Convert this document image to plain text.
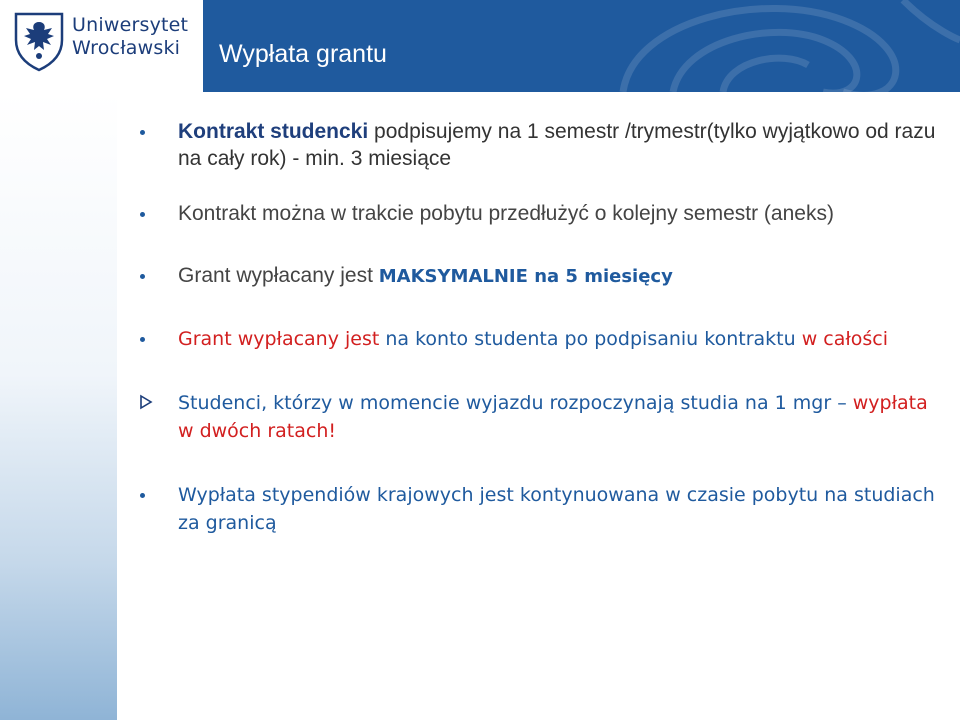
Uniwersytet
Wrocławski	Wypłata grantu
Kontrakt studencki podpisujemy na 1 semestr /trymestr(tylko wyjątkowo od razu na cały rok) - min. 3 miesiące
Kontrakt można w trakcie pobytu przedłużyć o kolejny semestr (aneks)
Grant wypłacany jest MAKSYMALNIE na 5 miesięcy
Grant wypłacany jest na konto studenta po podpisaniu kontraktu w całości
Studenci, którzy w momencie wyjazdu rozpoczynają studia na 1 mgr – wypłata w dwóch ratach!
Wypłata stypendiów krajowych jest kontynuowana w czasie pobytu na studiach za granicą
